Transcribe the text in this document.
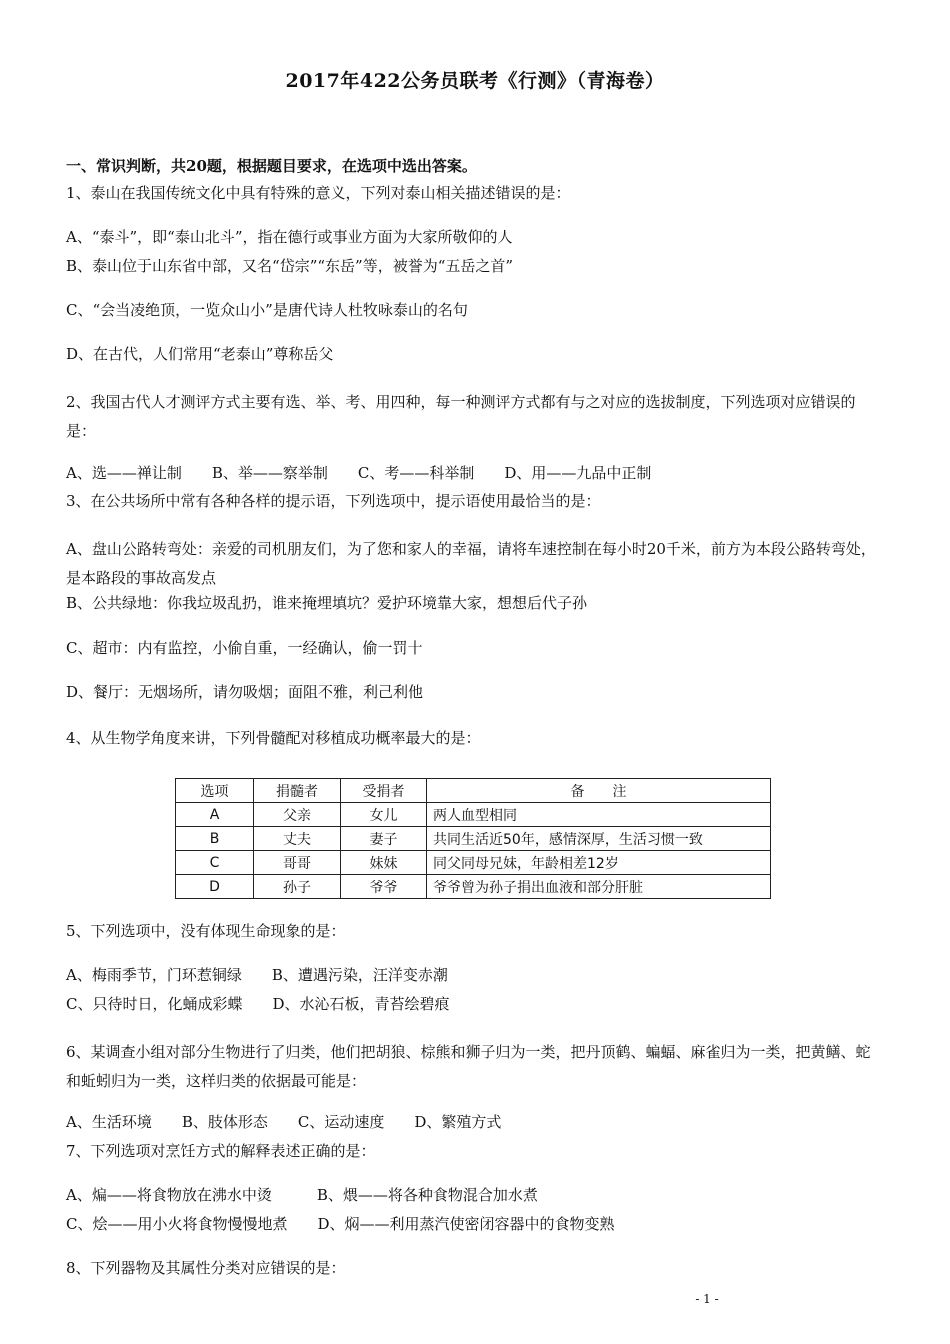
2017年422公务员联考《行测》（青海卷）
一、常识判断，共20题，根据题目要求，在选项中选出答案。
1、泰山在我国传统文化中具有特殊的意义，下列对泰山相关描述错误的是：
A、“泰斗”，即“泰山北斗”，指在德行或事业方面为大家所敬仰的人
B、泰山位于山东省中部，又名“岱宗”“东岳”等，被誉为“五岳之首”
C、“会当凌绝顶，一览众山小”是唐代诗人杜牧咏泰山的名句
D、在古代，人们常用“老泰山”尊称岳父
2、我国古代人才测评方式主要有选、举、考、用四种，每一种测评方式都有与之对应的选拔制度，下列选项对应错误的是：
A、选——禅让制　　B、举——察举制　　C、考——科举制　　D、用——九品中正制
3、在公共场所中常有各种各样的提示语，下列选项中，提示语使用最恰当的是：
A、盘山公路转弯处：亲爱的司机朋友们，为了您和家人的幸福，请将车速控制在每小时20千米，前方为本段公路转弯处，是本路段的事故高发点
B、公共绿地：你我垃圾乱扔，谁来掩埋填坑？爱护环境靠大家，想想后代子孙
C、超市：内有监控，小偷自重，一经确认，偷一罚十
D、餐厅：无烟场所，请勿吸烟；面阻不雅，利己利他
4、从生物学角度来讲，下列骨髓配对移植成功概率最大的是：
选项	捐髓者	受捐者	备　　注
A	父亲	女儿	两人血型相同
B	丈夫	妻子	共同生活近50年，感情深厚，生活习惯一致
C	哥哥	妹妹	同父同母兄妹，年龄相差12岁
D	孙子	爷爷	爷爷曾为孙子捐出血液和部分肝脏
5、下列选项中，没有体现生命现象的是：
A、梅雨季节，门环惹铜绿　　B、遭遇污染，汪洋变赤潮
C、只待时日，化蛹成彩蝶　　D、水沁石板，青苔绘碧痕
6、某调查小组对部分生物进行了归类，他们把胡狼、棕熊和狮子归为一类，把丹顶鹤、蝙蝠、麻雀归为一类，把黄鳝、蛇和蚯蚓归为一类，这样归类的依据最可能是：
A、生活环境　　B、肢体形态　　C、运动速度　　D、繁殖方式
7、下列选项对烹饪方式的解释表述正确的是：
A、煸——将食物放在沸水中烫　　　B、煨——将各种食物混合加水煮
C、烩——用小火将食物慢慢地煮　　D、焖——利用蒸汽使密闭容器中的食物变熟
8、下列器物及其属性分类对应错误的是：
- 1 -
